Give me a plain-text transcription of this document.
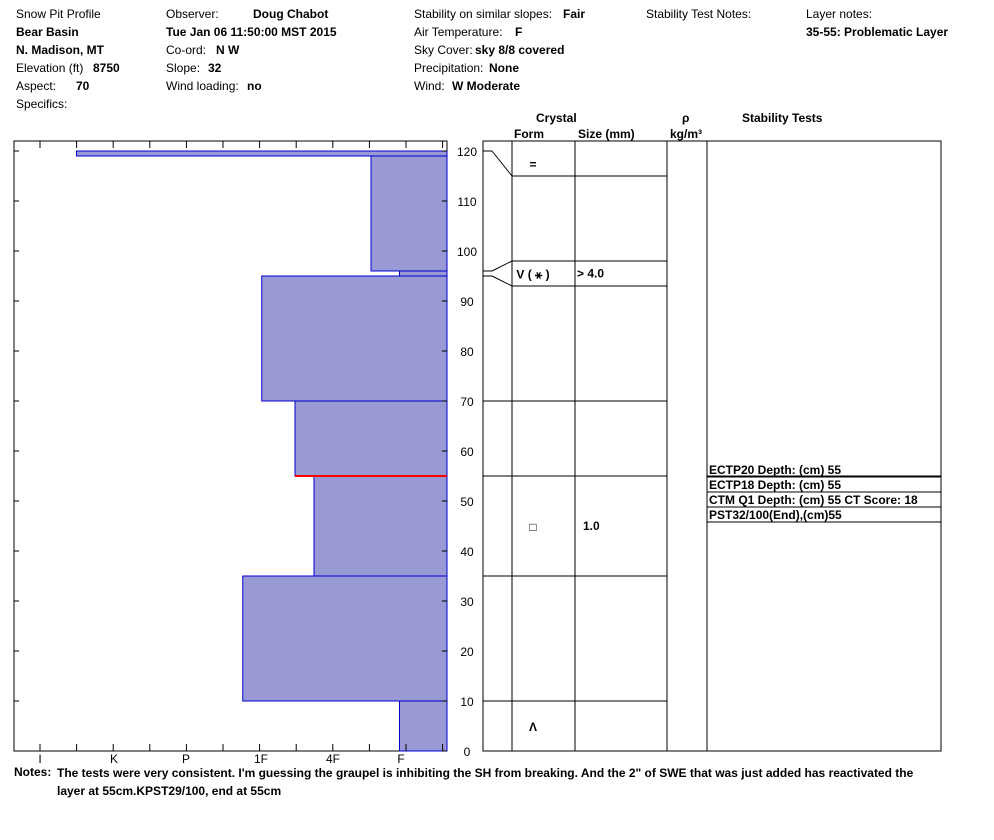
Snow Pit Profile
Bear Basin
N. Madison, MT
Elevation (ft) 8750
Aspect: 70
Specifics:
Observer:	Doug Chabot
Tue Jan 06 11:50:00 MST 2015
Co-ord: N W
Slope: 32
Wind loading: no
Stability on similar slopes: Fair
Air Temperature: F
Sky Cover: sky 8/8 covered
Precipitation: None
Wind: W Moderate
Stability Test Notes:	Layer notes:
35-55: Problematic Layer
Crystal
Form	Size (mm)
ρ
kg/m³
Stability Tests
I	K	P	1F	4F	F	0
10
20
30
40
50
60
70
80
90
100
110
120
=
V ( ⚹ ) > 4.0
□	1.0
Λ
ECTP20 Depth: (cm) 55
ECTP18 Depth: (cm) 55
CTM Q1 Depth: (cm) 55 CT Score: 18
PST32/100(End),(cm)55
Notes: The tests were very consistent. I'm guessing the graupel is inhibiting the SH from breaking. And the 2" of SWE that was just added has reactivated the layer at 55cm.KPST29/100, end at 55cm
